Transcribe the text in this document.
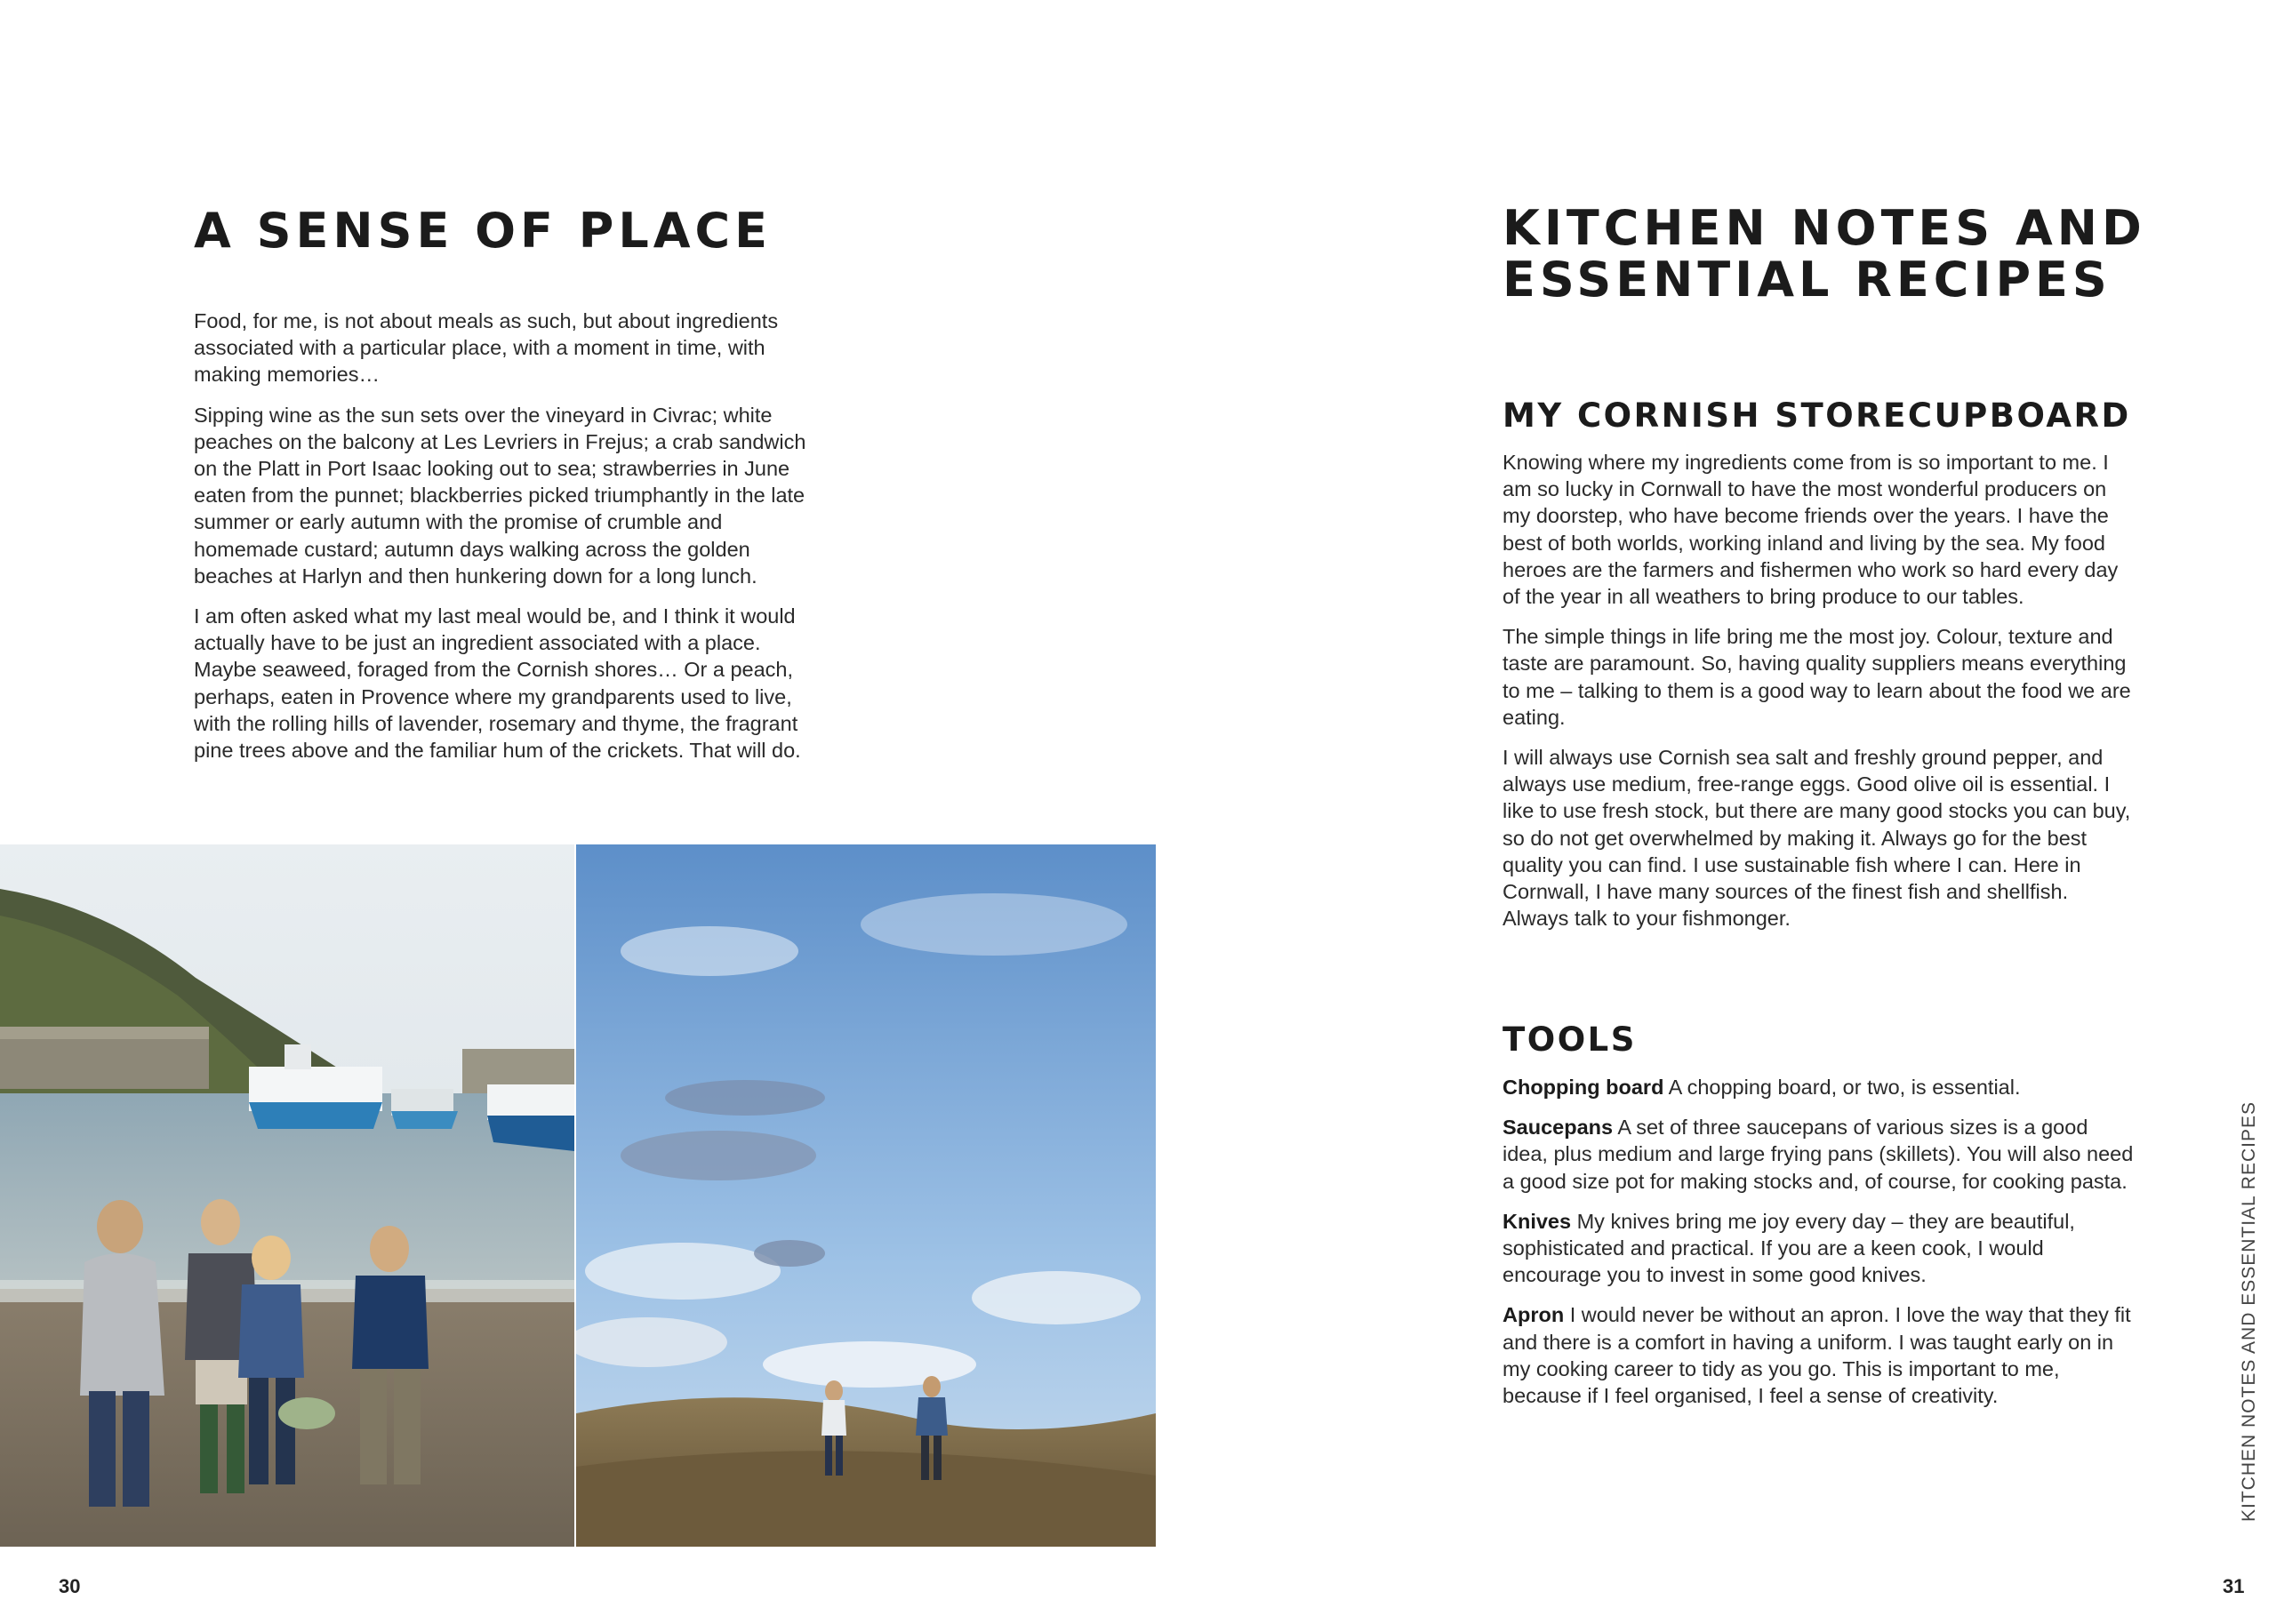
A SENSE OF PLACE

Food, for me, is not about meals as such, but about ingredients associated with a particular place, with a moment in time, with making memories…

Sipping wine as the sun sets over the vineyard in Civrac; white peaches on the balcony at Les Levriers in Frejus; a crab sandwich on the Platt in Port Isaac looking out to sea; strawberries in June eaten from the punnet; blackberries picked triumphantly in the late summer or early autumn with the promise of crumble and homemade custard; autumn days walking across the golden beaches at Harlyn and then hunkering down for a long lunch.

I am often asked what my last meal would be, and I think it would actually have to be just an ingredient associated with a place. Maybe seaweed, foraged from the Cornish shores… Or a peach, perhaps, eaten in Provence where my grandparents used to live, with the rolling hills of lavender, rosemary and thyme, the fragrant pine trees above and the familiar hum of the crickets. That will do.

30
KITCHEN NOTES AND
ESSENTIAL RECIPES
MY CORNISH STORECUPBOARD

Knowing where my ingredients come from is so important to me. I am so lucky in Cornwall to have the most wonderful producers on my doorstep, who have become friends over the years. I have the best of both worlds, working inland and living by the sea. My food heroes are the farmers and fishermen who work so hard every day of the year in all weathers to bring produce to our tables.

The simple things in life bring me the most joy. Colour, texture and taste are paramount. So, having quality suppliers means everything to me – talking to them is a good way to learn about the food we are eating.

I will always use Cornish sea salt and freshly ground pepper, and always use medium, free-range eggs. Good olive oil is essential. I like to use fresh stock, but there are many good stocks you can buy, so do not get overwhelmed by making it. Always go for the best quality you can find. I use sustainable fish where I can. Here in Cornwall, I have many sources of the finest fish and shellfish. Always talk to your fishmonger.

TOOLS

Chopping board A chopping board, or two, is essential.

Saucepans A set of three saucepans of various sizes is a good idea, plus medium and large frying pans (skillets). You will also need a good size pot for making stocks and, of course, for cooking pasta.

Knives My knives bring me joy every day – they are beautiful, sophisticated and practical. If you are a keen cook, I would encourage you to invest in some good knives.

Apron I would never be without an apron. I love the way that they fit and there is a comfort in having a uniform. I was taught early on in my cooking career to tidy as you go. This is important to me, because if I feel organised, I feel a sense of creativity.	KITCHEN NOTES AND ESSENTIAL RECIPES
31
